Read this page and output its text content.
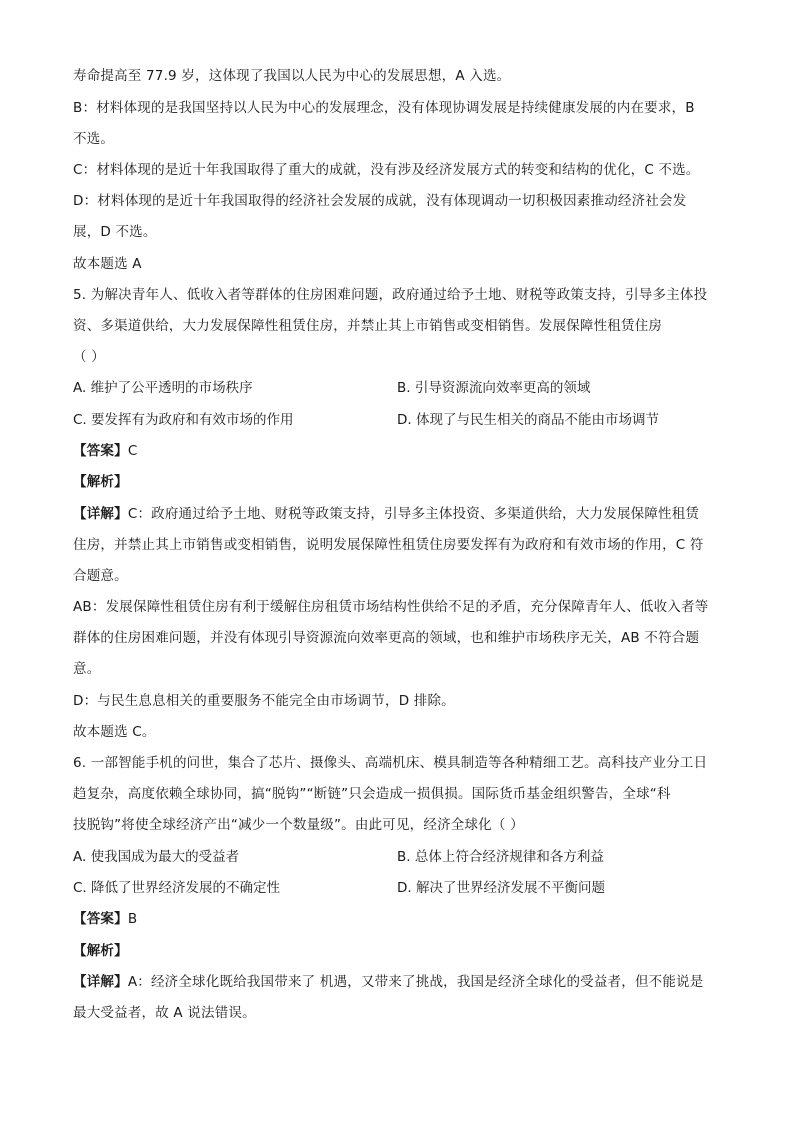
寿命提高至 77.9 岁，这体现了我国以人民为中心的发展思想，A 入选。
B：材料体现的是我国坚持以人民为中心的发展理念，没有体现协调发展是持续健康发展的内在要求，B
不选。
C：材料体现的是近十年我国取得了重大的成就，没有涉及经济发展方式的转变和结构的优化，C 不选。
D：材料体现的是近十年我国取得的经济社会发展的成就，没有体现调动一切积极因素推动经济社会发
展，D 不选。
故本题选 A
5. 为解决青年人、低收入者等群体的住房困难问题，政府通过给予土地、财税等政策支持，引导多主体投
资、多渠道供给，大力发展保障性租赁住房，并禁止其上市销售或变相销售。发展保障性租赁住房
（ ）
A. 维护了公平透明的市场秩序	B. 引导资源流向效率更高的领域
C. 要发挥有为政府和有效市场的作用	D. 体现了与民生相关的商品不能由市场调节
【答案】C
【解析】
【详解】C：政府通过给予土地、财税等政策支持，引导多主体投资、多渠道供给，大力发展保障性租赁
住房，并禁止其上市销售或变相销售，说明发展保障性租赁住房要发挥有为政府和有效市场的作用，C 符
合题意。
AB：发展保障性租赁住房有利于缓解住房租赁市场结构性供给不足的矛盾，充分保障青年人、低收入者等
群体的住房困难问题，并没有体现引导资源流向效率更高的领域，也和维护市场秩序无关，AB 不符合题
意。
D：与民生息息相关的重要服务不能完全由市场调节，D 排除。
故本题选 C。
6. 一部智能手机的问世，集合了芯片、摄像头、高端机床、模具制造等各种精细工艺。高科技产业分工日
趋复杂，高度依赖全球协同，搞“脱钩”“断链”只会造成一损俱损。国际货币基金组织警告，全球“科
技脱钩”将使全球经济产出“减少一个数量级”。由此可见，经济全球化（ ）
A. 使我国成为最大的受益者	B. 总体上符合经济规律和各方利益
C. 降低了世界经济发展的不确定性	D. 解决了世界经济发展不平衡问题
【答案】B
【解析】
【详解】A：经济全球化既给我国带来了 机遇，又带来了挑战，我国是经济全球化的受益者，但不能说是
最大受益者，故 A 说法错误。
